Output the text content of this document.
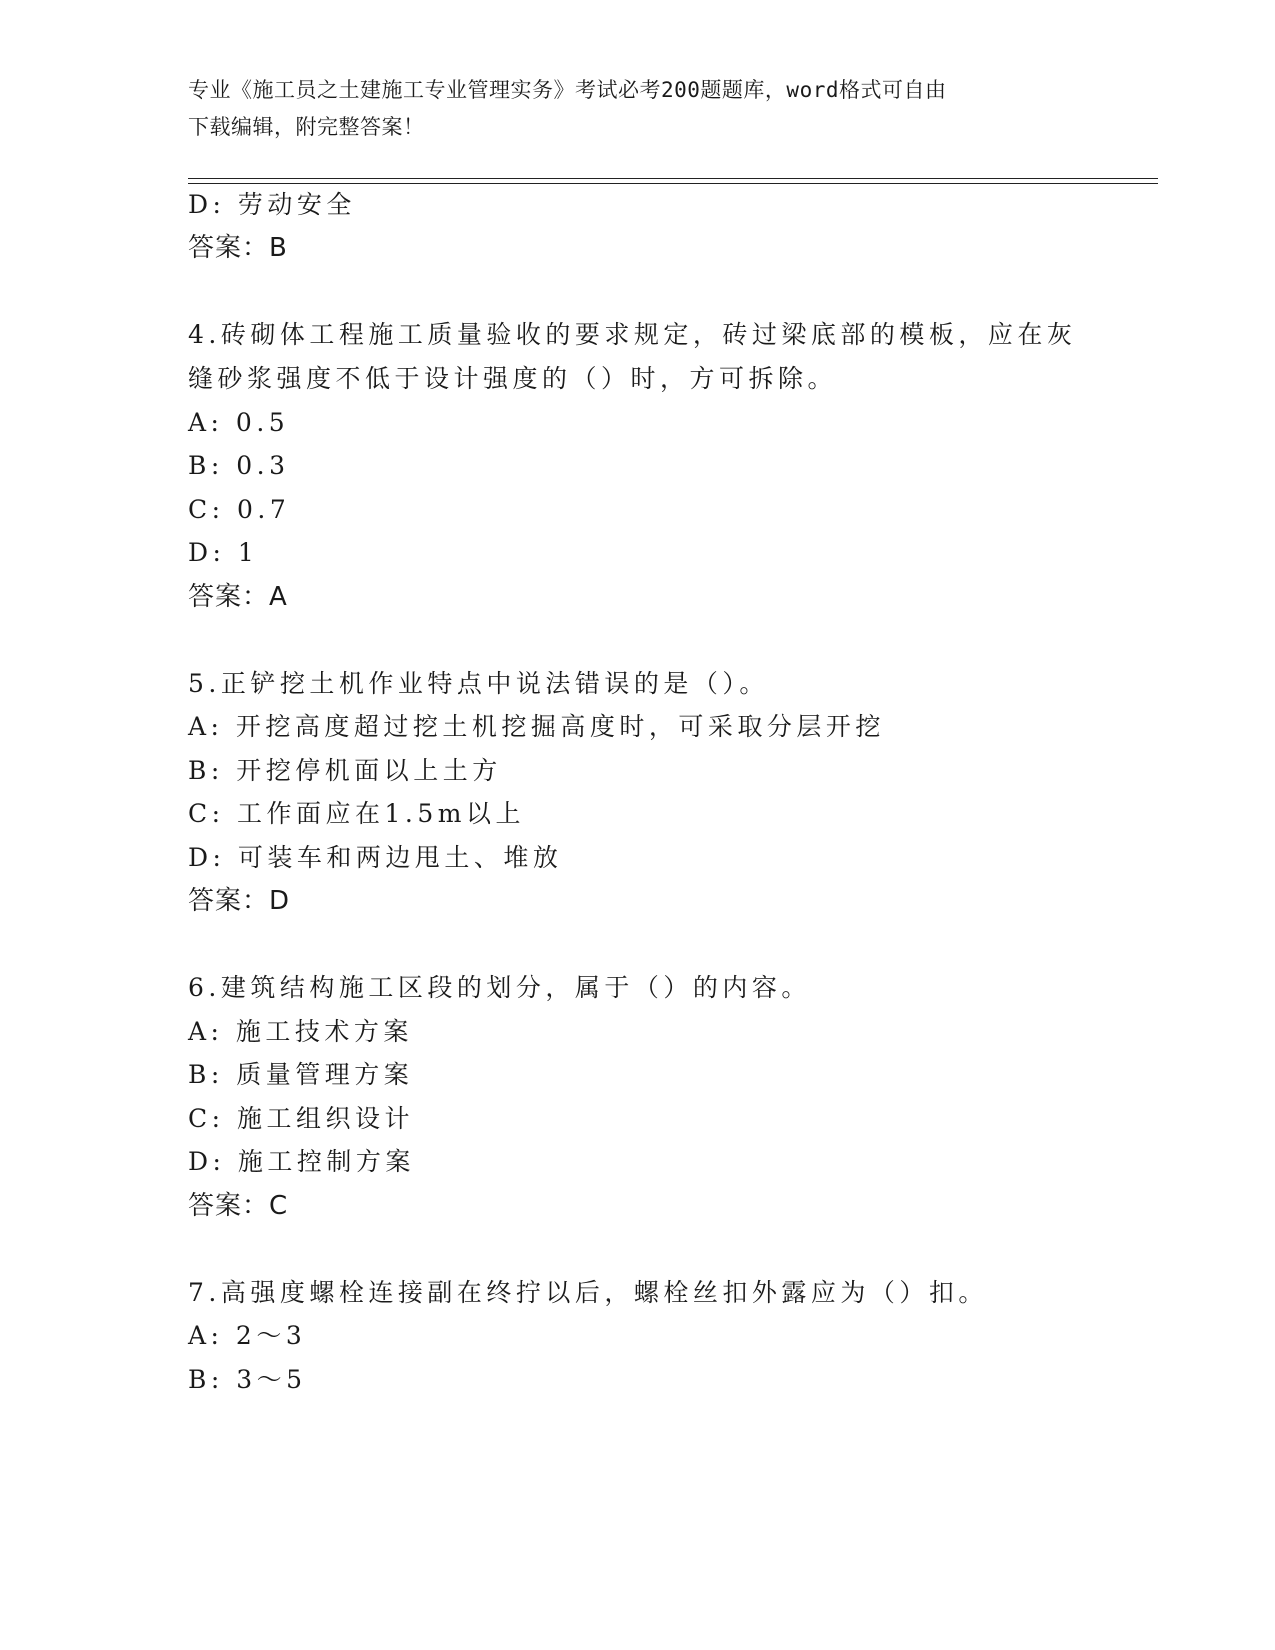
专业《施工员之土建施工专业管理实务》考试必考200题题库，word格式可自由
下载编辑，附完整答案！
D: 劳动安全
答案：B
4.砖砌体工程施工质量验收的要求规定，砖过梁底部的模板，应在灰
缝砂浆强度不低于设计强度的（）时，方可拆除。
A: 0.5
B: 0.3
C: 0.7
D: 1
答案：A
5.正铲挖土机作业特点中说法错误的是（）。
A: 开挖高度超过挖土机挖掘高度时，可采取分层开挖
B: 开挖停机面以上土方
C: 工作面应在1.5m以上
D: 可装车和两边甩土、堆放
答案：D
6.建筑结构施工区段的划分，属于（）的内容。
A: 施工技术方案
B: 质量管理方案
C: 施工组织设计
D: 施工控制方案
答案：C
7.高强度螺栓连接副在终拧以后，螺栓丝扣外露应为（）扣。
A: 2～3
B: 3～5
